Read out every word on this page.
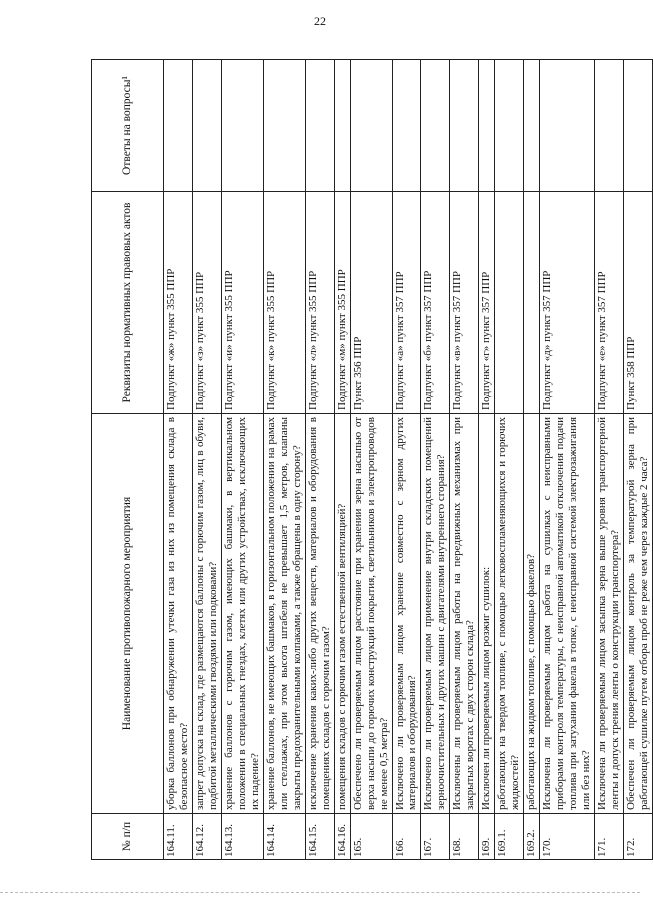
22
№ п/п	Наименование противопожарного мероприятия	Реквизиты нормативных правовых актов	Ответы на вопросы¹
164.11.	уборка баллонов при обнаружении утечки газа из них из помещения склада в безопасное место?	Подпункт «ж» пункт 355 ППР	
164.12.	запрет допуска на склад, где размещаются баллоны с горючим газом, лиц в обуви, подбитой металлическими гвоздями или подковами?	Подпункт «з» пункт 355 ППР	
164.13.	хранение баллонов с горючим газом, имеющих башмаки, в вертикальном положении в специальных гнездах, клетях или других устройствах, исключающих их падение?	Подпункт «и» пункт 355 ППР	
164.14.	хранение баллонов, не имеющих башмаков, в горизонтальном положении на рамах или стеллажах, при этом высота штабеля не превышает 1,5 метров, клапаны закрыты предохранительными колпаками, а также обращены в одну сторону?	Подпункт «к» пункт 355 ППР	
164.15.	исключение хранения каких-либо других веществ, материалов и оборудования в помещениях складов с горючим газом?	Подпункт «л» пункт 355 ППР	
164.16.	помещения складов с горючим газом естественной вентиляцией?	Подпункт «м» пункт 355 ППР	
165.	Обеспечено ли проверяемым лицом расстояние при хранении зерна насыпью от верха насыпи до горючих конструкций покрытия, светильников и электропроводов не менее 0,5 метра?	Пункт 356 ППР	
166.	Исключено ли проверяемым лицом хранение совместно с зерном других материалов и оборудования?	Подпункт «а» пункт 357 ППР	
167.	Исключено ли проверяемым лицом применение внутри складских помещений зерноочистительных и других машин с двигателями внутреннего сгорания?	Подпункт «б» пункт 357 ППР	
168.	Исключены ли проверяемым лицом работы на передвижных механизмах при закрытых воротах с двух сторон склада?	Подпункт «в» пункт 357 ППР	
169.	Исключен ли проверяемым лицом розжиг сушилок:	Подпункт «г» пункт 357 ППР	
169.1.	работающих на твердом топливе, с помощью легковоспламеняющихся и горючих жидкостей?		
169.2.	работающих на жидком топливе, с помощью факелов?		
170.	Исключена ли проверяемым лицом работа на сушилках с неисправными приборами контроля температуры, с неисправной автоматикой отключения подачи топлива при затухании факела в топке, с неисправной системой электрозажигания или без них?	Подпункт «д» пункт 357 ППР	
171.	Исключена ли проверяемым лицом засыпка зерна выше уровня транспортерной ленты и допуск трения ленты о конструкции транспортера?	Подпункт «е» пункт 357 ППР	
172.	Обеспечен ли проверяемым лицом контроль за температурой зерна при работающей сушилке путем отбора проб не реже чем через каждые 2 часа?	Пункт 358 ППР	
